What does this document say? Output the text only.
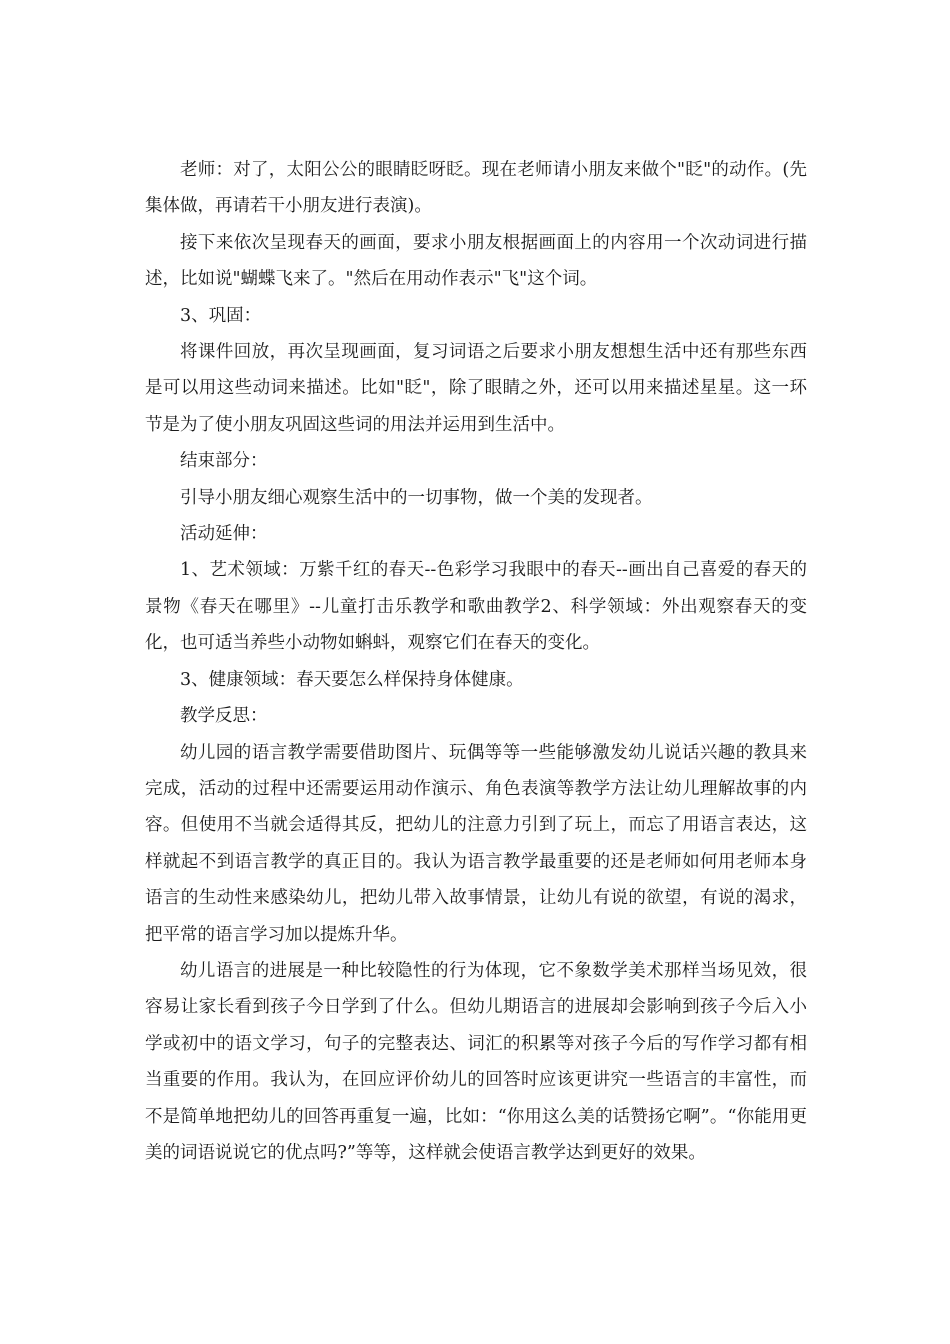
老师：对了，太阳公公的眼睛眨呀眨。现在老师请小朋友来做个"眨"的动作。(先集体做，再请若干小朋友进行表演)。

接下来依次呈现春天的画面，要求小朋友根据画面上的内容用一个次动词进行描述，比如说"蝴蝶飞来了。"然后在用动作表示"飞"这个词。

3、巩固：

将课件回放，再次呈现画面，复习词语之后要求小朋友想想生活中还有那些东西是可以用这些动词来描述。比如"眨"，除了眼睛之外，还可以用来描述星星。这一环节是为了使小朋友巩固这些词的用法并运用到生活中。

结束部分：

引导小朋友细心观察生活中的一切事物，做一个美的发现者。

活动延伸：

1、艺术领域：万紫千红的春天--色彩学习我眼中的春天--画出自己喜爱的春天的景物《春天在哪里》--儿童打击乐教学和歌曲教学2、科学领域：外出观察春天的变化，也可适当养些小动物如蝌蚪，观察它们在春天的变化。

3、健康领域：春天要怎么样保持身体健康。

教学反思：

幼儿园的语言教学需要借助图片、玩偶等等一些能够激发幼儿说话兴趣的教具来完成，活动的过程中还需要运用动作演示、角色表演等教学方法让幼儿理解故事的内容。但使用不当就会适得其反，把幼儿的注意力引到了玩上，而忘了用语言表达，这样就起不到语言教学的真正目的。我认为语言教学最重要的还是老师如何用老师本身语言的生动性来感染幼儿，把幼儿带入故事情景，让幼儿有说的欲望，有说的渴求，把平常的语言学习加以提炼升华。

幼儿语言的进展是一种比较隐性的行为体现，它不象数学美术那样当场见效，很容易让家长看到孩子今日学到了什么。但幼儿期语言的进展却会影响到孩子今后入小学或初中的语文学习，句子的完整表达、词汇的积累等对孩子今后的写作学习都有相当重要的作用。我认为，在回应评价幼儿的回答时应该更讲究一些语言的丰富性，而不是简单地把幼儿的回答再重复一遍，比如：“你用这么美的话赞扬它啊”。“你能用更美的词语说说它的优点吗?”等等，这样就会使语言教学达到更好的效果。
